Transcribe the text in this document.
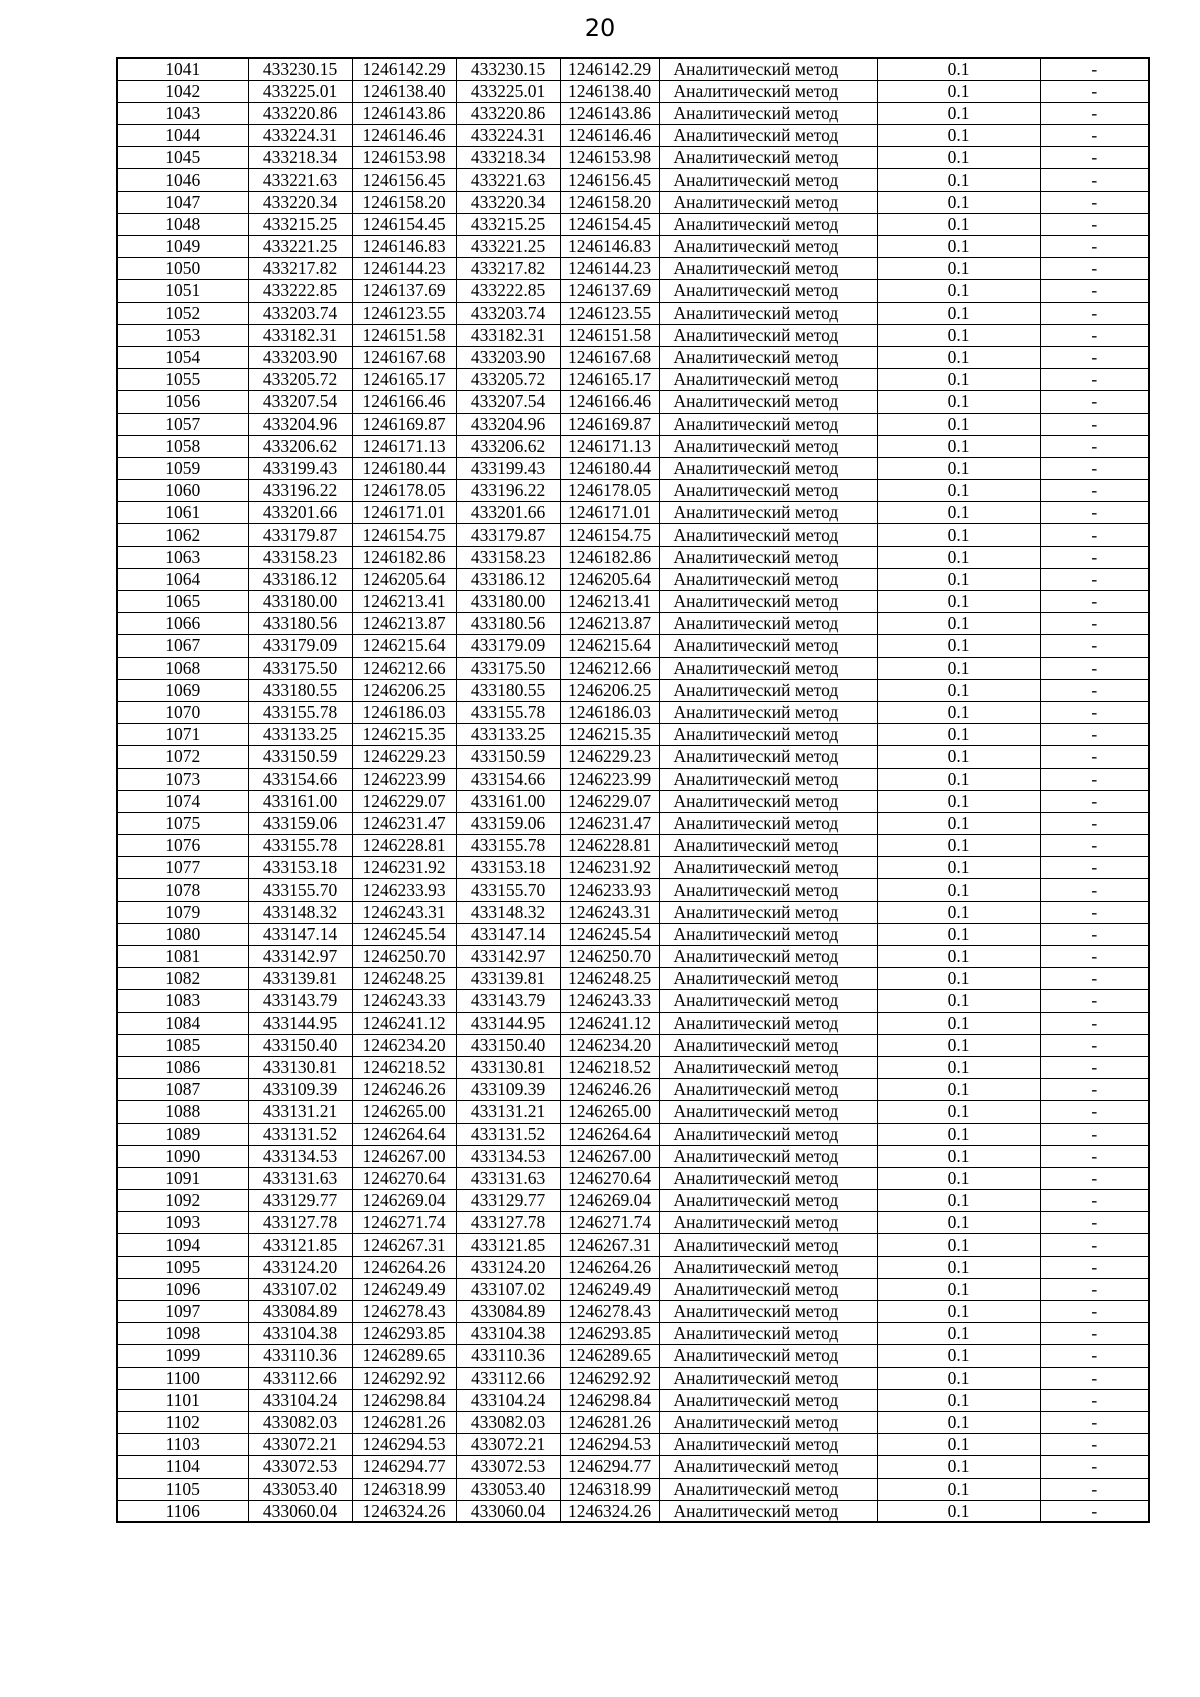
20
1041	433230.15	1246142.29	433230.15	1246142.29	Аналитический метод	0.1	-
1042	433225.01	1246138.40	433225.01	1246138.40	Аналитический метод	0.1	-
1043	433220.86	1246143.86	433220.86	1246143.86	Аналитический метод	0.1	-
1044	433224.31	1246146.46	433224.31	1246146.46	Аналитический метод	0.1	-
1045	433218.34	1246153.98	433218.34	1246153.98	Аналитический метод	0.1	-
1046	433221.63	1246156.45	433221.63	1246156.45	Аналитический метод	0.1	-
1047	433220.34	1246158.20	433220.34	1246158.20	Аналитический метод	0.1	-
1048	433215.25	1246154.45	433215.25	1246154.45	Аналитический метод	0.1	-
1049	433221.25	1246146.83	433221.25	1246146.83	Аналитический метод	0.1	-
1050	433217.82	1246144.23	433217.82	1246144.23	Аналитический метод	0.1	-
1051	433222.85	1246137.69	433222.85	1246137.69	Аналитический метод	0.1	-
1052	433203.74	1246123.55	433203.74	1246123.55	Аналитический метод	0.1	-
1053	433182.31	1246151.58	433182.31	1246151.58	Аналитический метод	0.1	-
1054	433203.90	1246167.68	433203.90	1246167.68	Аналитический метод	0.1	-
1055	433205.72	1246165.17	433205.72	1246165.17	Аналитический метод	0.1	-
1056	433207.54	1246166.46	433207.54	1246166.46	Аналитический метод	0.1	-
1057	433204.96	1246169.87	433204.96	1246169.87	Аналитический метод	0.1	-
1058	433206.62	1246171.13	433206.62	1246171.13	Аналитический метод	0.1	-
1059	433199.43	1246180.44	433199.43	1246180.44	Аналитический метод	0.1	-
1060	433196.22	1246178.05	433196.22	1246178.05	Аналитический метод	0.1	-
1061	433201.66	1246171.01	433201.66	1246171.01	Аналитический метод	0.1	-
1062	433179.87	1246154.75	433179.87	1246154.75	Аналитический метод	0.1	-
1063	433158.23	1246182.86	433158.23	1246182.86	Аналитический метод	0.1	-
1064	433186.12	1246205.64	433186.12	1246205.64	Аналитический метод	0.1	-
1065	433180.00	1246213.41	433180.00	1246213.41	Аналитический метод	0.1	-
1066	433180.56	1246213.87	433180.56	1246213.87	Аналитический метод	0.1	-
1067	433179.09	1246215.64	433179.09	1246215.64	Аналитический метод	0.1	-
1068	433175.50	1246212.66	433175.50	1246212.66	Аналитический метод	0.1	-
1069	433180.55	1246206.25	433180.55	1246206.25	Аналитический метод	0.1	-
1070	433155.78	1246186.03	433155.78	1246186.03	Аналитический метод	0.1	-
1071	433133.25	1246215.35	433133.25	1246215.35	Аналитический метод	0.1	-
1072	433150.59	1246229.23	433150.59	1246229.23	Аналитический метод	0.1	-
1073	433154.66	1246223.99	433154.66	1246223.99	Аналитический метод	0.1	-
1074	433161.00	1246229.07	433161.00	1246229.07	Аналитический метод	0.1	-
1075	433159.06	1246231.47	433159.06	1246231.47	Аналитический метод	0.1	-
1076	433155.78	1246228.81	433155.78	1246228.81	Аналитический метод	0.1	-
1077	433153.18	1246231.92	433153.18	1246231.92	Аналитический метод	0.1	-
1078	433155.70	1246233.93	433155.70	1246233.93	Аналитический метод	0.1	-
1079	433148.32	1246243.31	433148.32	1246243.31	Аналитический метод	0.1	-
1080	433147.14	1246245.54	433147.14	1246245.54	Аналитический метод	0.1	-
1081	433142.97	1246250.70	433142.97	1246250.70	Аналитический метод	0.1	-
1082	433139.81	1246248.25	433139.81	1246248.25	Аналитический метод	0.1	-
1083	433143.79	1246243.33	433143.79	1246243.33	Аналитический метод	0.1	-
1084	433144.95	1246241.12	433144.95	1246241.12	Аналитический метод	0.1	-
1085	433150.40	1246234.20	433150.40	1246234.20	Аналитический метод	0.1	-
1086	433130.81	1246218.52	433130.81	1246218.52	Аналитический метод	0.1	-
1087	433109.39	1246246.26	433109.39	1246246.26	Аналитический метод	0.1	-
1088	433131.21	1246265.00	433131.21	1246265.00	Аналитический метод	0.1	-
1089	433131.52	1246264.64	433131.52	1246264.64	Аналитический метод	0.1	-
1090	433134.53	1246267.00	433134.53	1246267.00	Аналитический метод	0.1	-
1091	433131.63	1246270.64	433131.63	1246270.64	Аналитический метод	0.1	-
1092	433129.77	1246269.04	433129.77	1246269.04	Аналитический метод	0.1	-
1093	433127.78	1246271.74	433127.78	1246271.74	Аналитический метод	0.1	-
1094	433121.85	1246267.31	433121.85	1246267.31	Аналитический метод	0.1	-
1095	433124.20	1246264.26	433124.20	1246264.26	Аналитический метод	0.1	-
1096	433107.02	1246249.49	433107.02	1246249.49	Аналитический метод	0.1	-
1097	433084.89	1246278.43	433084.89	1246278.43	Аналитический метод	0.1	-
1098	433104.38	1246293.85	433104.38	1246293.85	Аналитический метод	0.1	-
1099	433110.36	1246289.65	433110.36	1246289.65	Аналитический метод	0.1	-
1100	433112.66	1246292.92	433112.66	1246292.92	Аналитический метод	0.1	-
1101	433104.24	1246298.84	433104.24	1246298.84	Аналитический метод	0.1	-
1102	433082.03	1246281.26	433082.03	1246281.26	Аналитический метод	0.1	-
1103	433072.21	1246294.53	433072.21	1246294.53	Аналитический метод	0.1	-
1104	433072.53	1246294.77	433072.53	1246294.77	Аналитический метод	0.1	-
1105	433053.40	1246318.99	433053.40	1246318.99	Аналитический метод	0.1	-
1106	433060.04	1246324.26	433060.04	1246324.26	Аналитический метод	0.1	-
